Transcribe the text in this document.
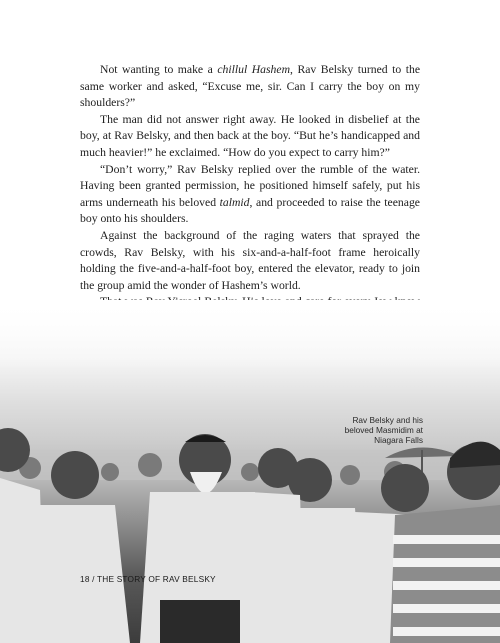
Not wanting to make a chillul Hashem, Rav Belsky turned to the same worker and asked, “Excuse me, sir. Can I carry the boy on my shoulders?”

The man did not answer right away. He looked in disbelief at the boy, at Rav Belsky, and then back at the boy. “But he’s handicapped and much heavier!” he exclaimed. “How do you expect to carry him?”

“Don’t worry,” Rav Belsky replied over the rumble of the water. Having been granted permission, he positioned himself safely, put his arms underneath his beloved talmid, and proceeded to raise the teenage boy onto his shoulders.

Against the background of the raging waters that sprayed the crowds, Rav Belsky, with his six-and-a-half-foot frame heroically holding the five-and-a-half-foot boy, entered the elevator, ready to join the group amid the wonder of Hashem’s world.

Rav Belsky and his
beloved Masmidim at
Niagara Falls
18 / THE STORY OF RAV BELSKY
